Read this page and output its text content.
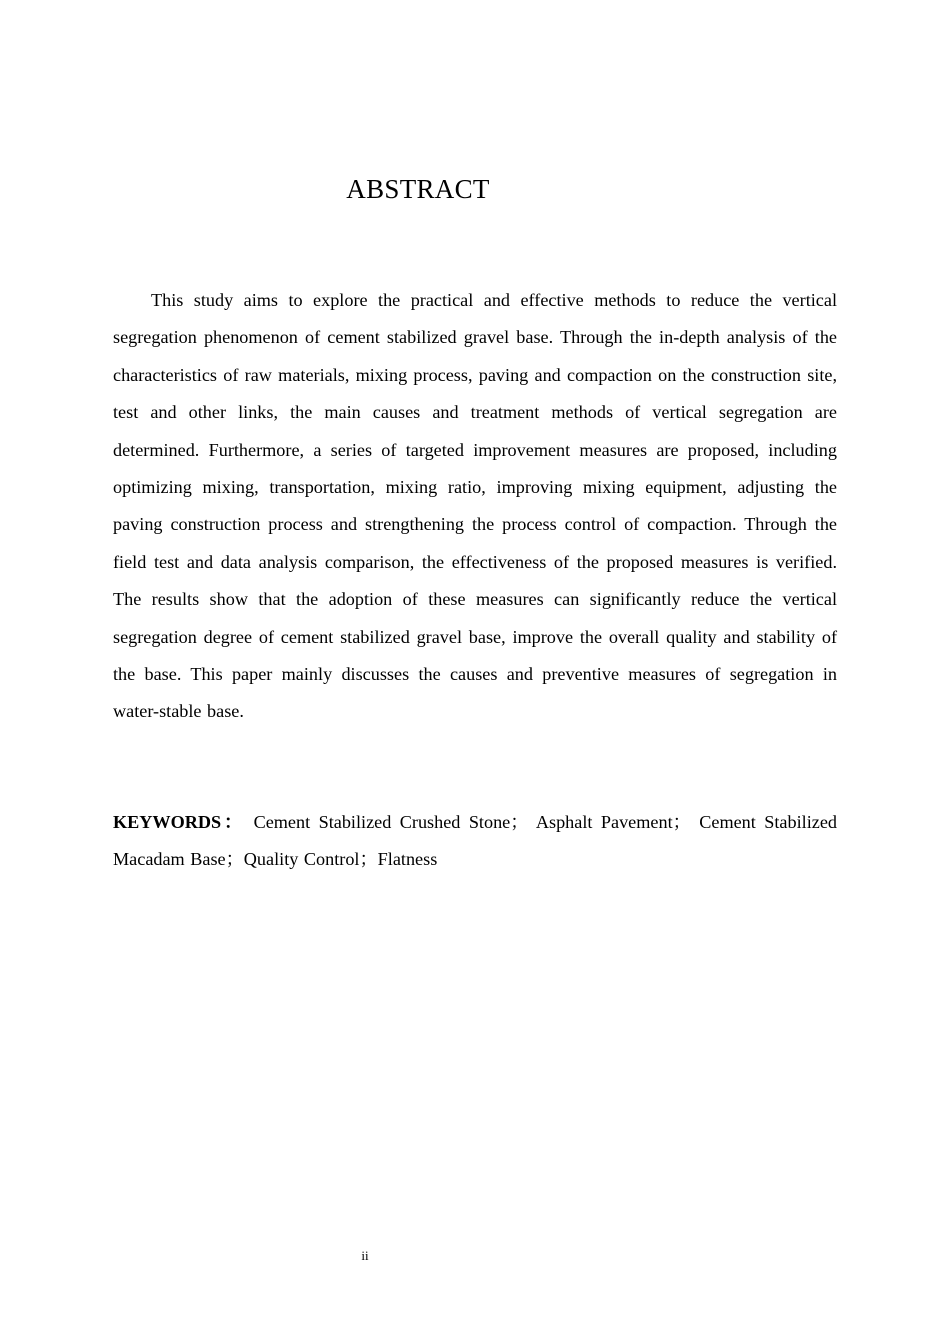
ABSTRACT

This study aims to explore the practical and effective methods to reduce the vertical segregation phenomenon of cement stabilized gravel base. Through the in-depth analysis of the characteristics of raw materials, mixing process, paving and compaction on the construction site, test and other links, the main causes and treatment methods of vertical segregation are determined. Furthermore, a series of targeted improvement measures are proposed, including optimizing mixing, transportation, mixing ratio, improving mixing equipment, adjusting the paving construction process and strengthening the process control of compaction. Through the field test and data analysis comparison, the effectiveness of the proposed measures is verified. The results show that the adoption of these measures can significantly reduce the vertical segregation degree of cement stabilized gravel base, improve the overall quality and stability of the base. This paper mainly discusses the causes and preventive measures of segregation in water-stable base.

KEYWORDS： Cement Stabilized Crushed Stone； Asphalt Pavement； Cement Stabilized Macadam Base；Quality Control；Flatness

ii
